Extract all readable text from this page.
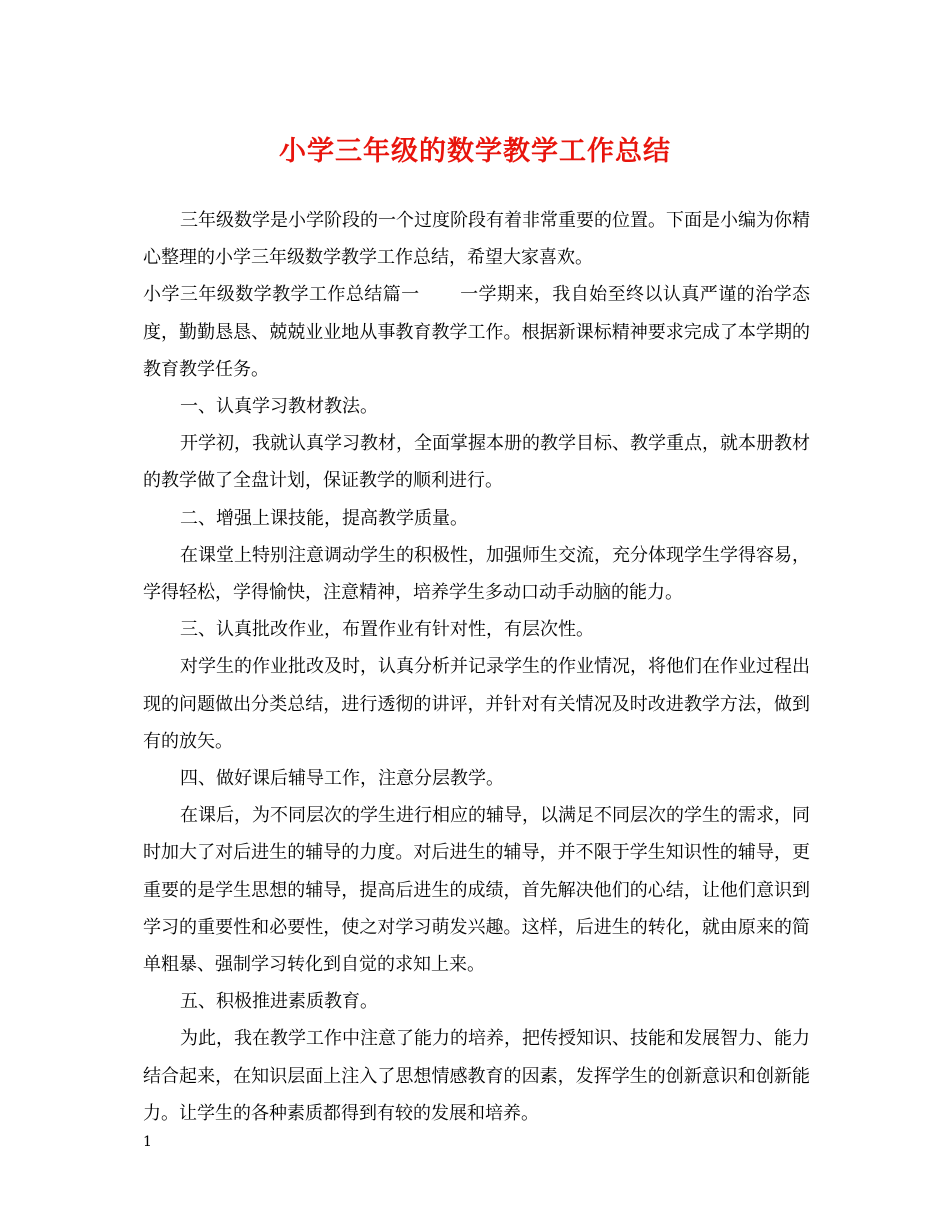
小学三年级的数学教学工作总结

三年级数学是小学阶段的一个过度阶段有着非常重要的位置。下面是小编为你精心整理的小学三年级数学教学工作总结，希望大家喜欢。

小学三年级数学教学工作总结篇一 一学期来，我自始至终以认真严谨的治学态度，勤勤恳恳、兢兢业业地从事教育教学工作。根据新课标精神要求完成了本学期的教育教学任务。

一、认真学习教材教法。

开学初，我就认真学习教材，全面掌握本册的教学目标、教学重点，就本册教材的教学做了全盘计划，保证教学的顺利进行。

二、增强上课技能，提高教学质量。

在课堂上特别注意调动学生的积极性，加强师生交流，充分体现学生学得容易，学得轻松，学得愉快，注意精神，培养学生多动口动手动脑的能力。

三、认真批改作业，布置作业有针对性，有层次性。

对学生的作业批改及时，认真分析并记录学生的作业情况，将他们在作业过程出现的问题做出分类总结，进行透彻的讲评，并针对有关情况及时改进教学方法，做到有的放矢。

四、做好课后辅导工作，注意分层教学。

在课后，为不同层次的学生进行相应的辅导，以满足不同层次的学生的需求，同时加大了对后进生的辅导的力度。对后进生的辅导，并不限于学生知识性的辅导，更重要的是学生思想的辅导，提高后进生的成绩，首先解决他们的心结，让他们意识到学习的重要性和必要性，使之对学习萌发兴趣。这样，后进生的转化，就由原来的简单粗暴、强制学习转化到自觉的求知上来。

五、积极推进素质教育。

为此，我在教学工作中注意了能力的培养，把传授知识、技能和发展智力、能力结合起来，在知识层面上注入了思想情感教育的因素，发挥学生的创新意识和创新能力。让学生的各种素质都得到有较的发展和培养。

1
